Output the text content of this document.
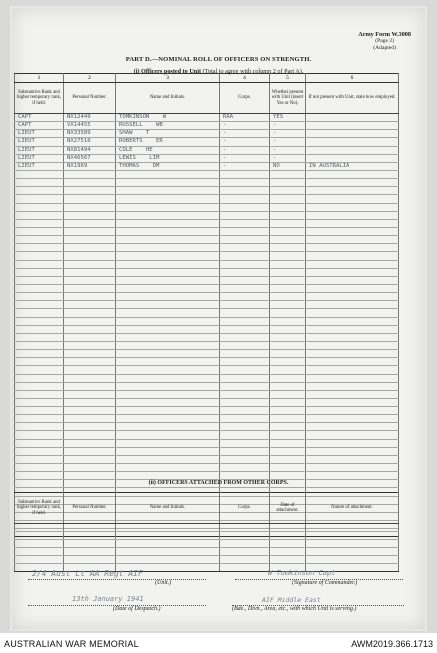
Army Form W.3008
(Page 2)
(Adapted)
PART D.—NOMINAL ROLL OF OFFICERS ON STRENGTH.
(i) Officers posted to Unit (Total to agree with column 2 of Part A).
1	2	3	4	5	6
Substantive Rank and higher temporary rank, if held.	Personal Number.	Name and Initials.	Corps.	Whether present with Unit (insert Yes or No).	If not present with Unit, state how employed.
CAPT	NX12449	TOMKINSON W	RAA	YES	
CAPT	VX14455	RUSSELL WB	-	-	
LIEUT	NX33589	SHAW T	-	-	
LIEUT	NX27510	ROBERTS ER	-	-	
LIEUT	NX81494	COLE HE	-	-	
LIEUT	NX46567	LEWIS LIM	-	-	
LIEUT	NX1969	THOMAS DM	-	NO	IN AUSTRALIA

(ii) OFFICERS ATTACHED FROM OTHER CORPS.
Substantive Rank and higher temporary rank, if held.	Personal Number.	Name and Initials.	Corps.	Date of attachment.	Nature of attachment.

2/4 Aust Lt AA Regt AIF
(Unit.)
W Tomkinson Capt
(Signature of Commander.)
13th January 1941
(Date of Despatch.)
AIF Middle East
(Bde., Divn., Area, etc., with which Unit is serving.)
AUSTRALIAN WAR MEMORIAL	AWM2019.366.1713
